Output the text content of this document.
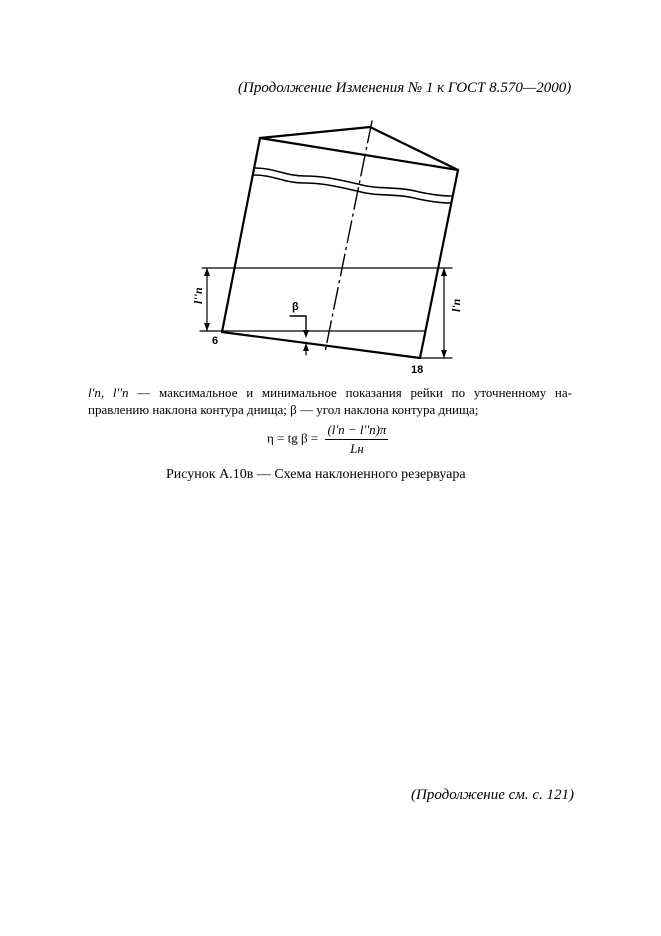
(Продолжение Изменения № 1 к ГОСТ 8.570—2000)
β
6
18
l''п
l'п
l'п, l''п — максимальное и минимальное показания рейки по уточненному на-
правлению наклона контура днища; β — угол наклона контура днища;
η = tg $\beta = \frac{(l'п - l''п)\pi}{Lн}$
Рисунок А.10в — Схема наклоненного резервуара
(Продолжение см. с. 121)
